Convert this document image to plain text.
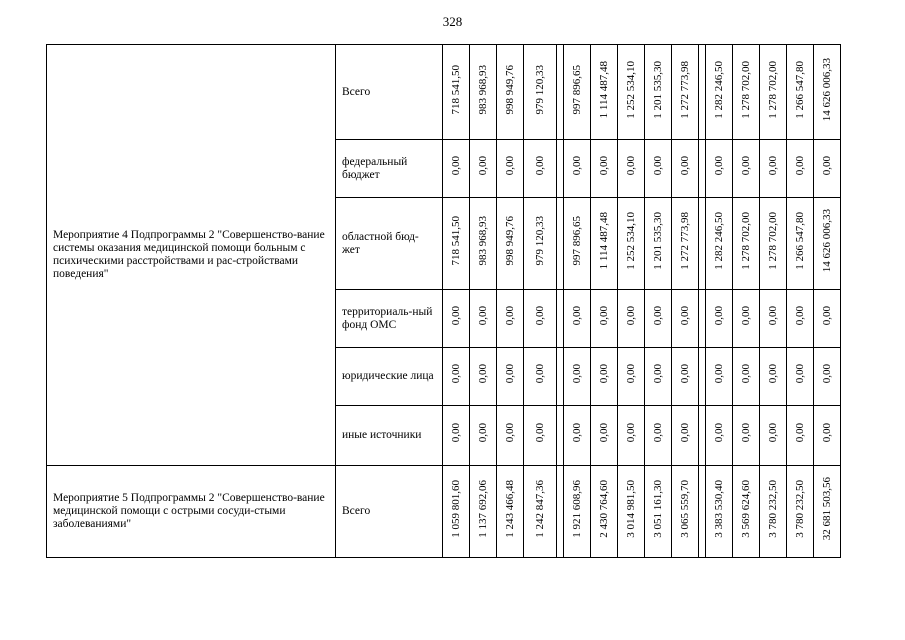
328
Мероприятие 4 Подпрограммы 2 "Совершенство-вание системы оказания медицинской помощи больным с психическими расстройствами и рас-стройствами поведения"	Всего	718 541,50	983 968,93	998 949,76	979 120,33		997 896,65	1 114 487,48	1 252 534,10	1 201 535,30	1 272 773,98		1 282 246,50	1 278 702,00	1 278 702,00	1 266 547,80	14 626 006,33
	федеральный бюджет	0,00	0,00	0,00	0,00		0,00	0,00	0,00	0,00	0,00		0,00	0,00	0,00	0,00	0,00
	областной бюд-жет	718 541,50	983 968,93	998 949,76	979 120,33		997 896,65	1 114 487,48	1 252 534,10	1 201 535,30	1 272 773,98		1 282 246,50	1 278 702,00	1 278 702,00	1 266 547,80	14 626 006,33
	территориаль-ный фонд ОМС	0,00	0,00	0,00	0,00		0,00	0,00	0,00	0,00	0,00		0,00	0,00	0,00	0,00	0,00
	юридические лица	0,00	0,00	0,00	0,00		0,00	0,00	0,00	0,00	0,00		0,00	0,00	0,00	0,00	0,00
	иные источники	0,00	0,00	0,00	0,00		0,00	0,00	0,00	0,00	0,00		0,00	0,00	0,00	0,00	0,00
Мероприятие 5 Подпрограммы 2 "Совершенство-вание медицинской помощи с острыми сосуди-стыми заболеваниями"	Всего	1 059 801,60	1 137 692,06	1 243 466,48	1 242 847,36		1 921 608,96	2 430 764,60	3 014 981,50	3 051 161,30	3 065 559,70		3 383 530,40	3 569 624,60	3 780 232,50	3 780 232,50	32 681 503,56
